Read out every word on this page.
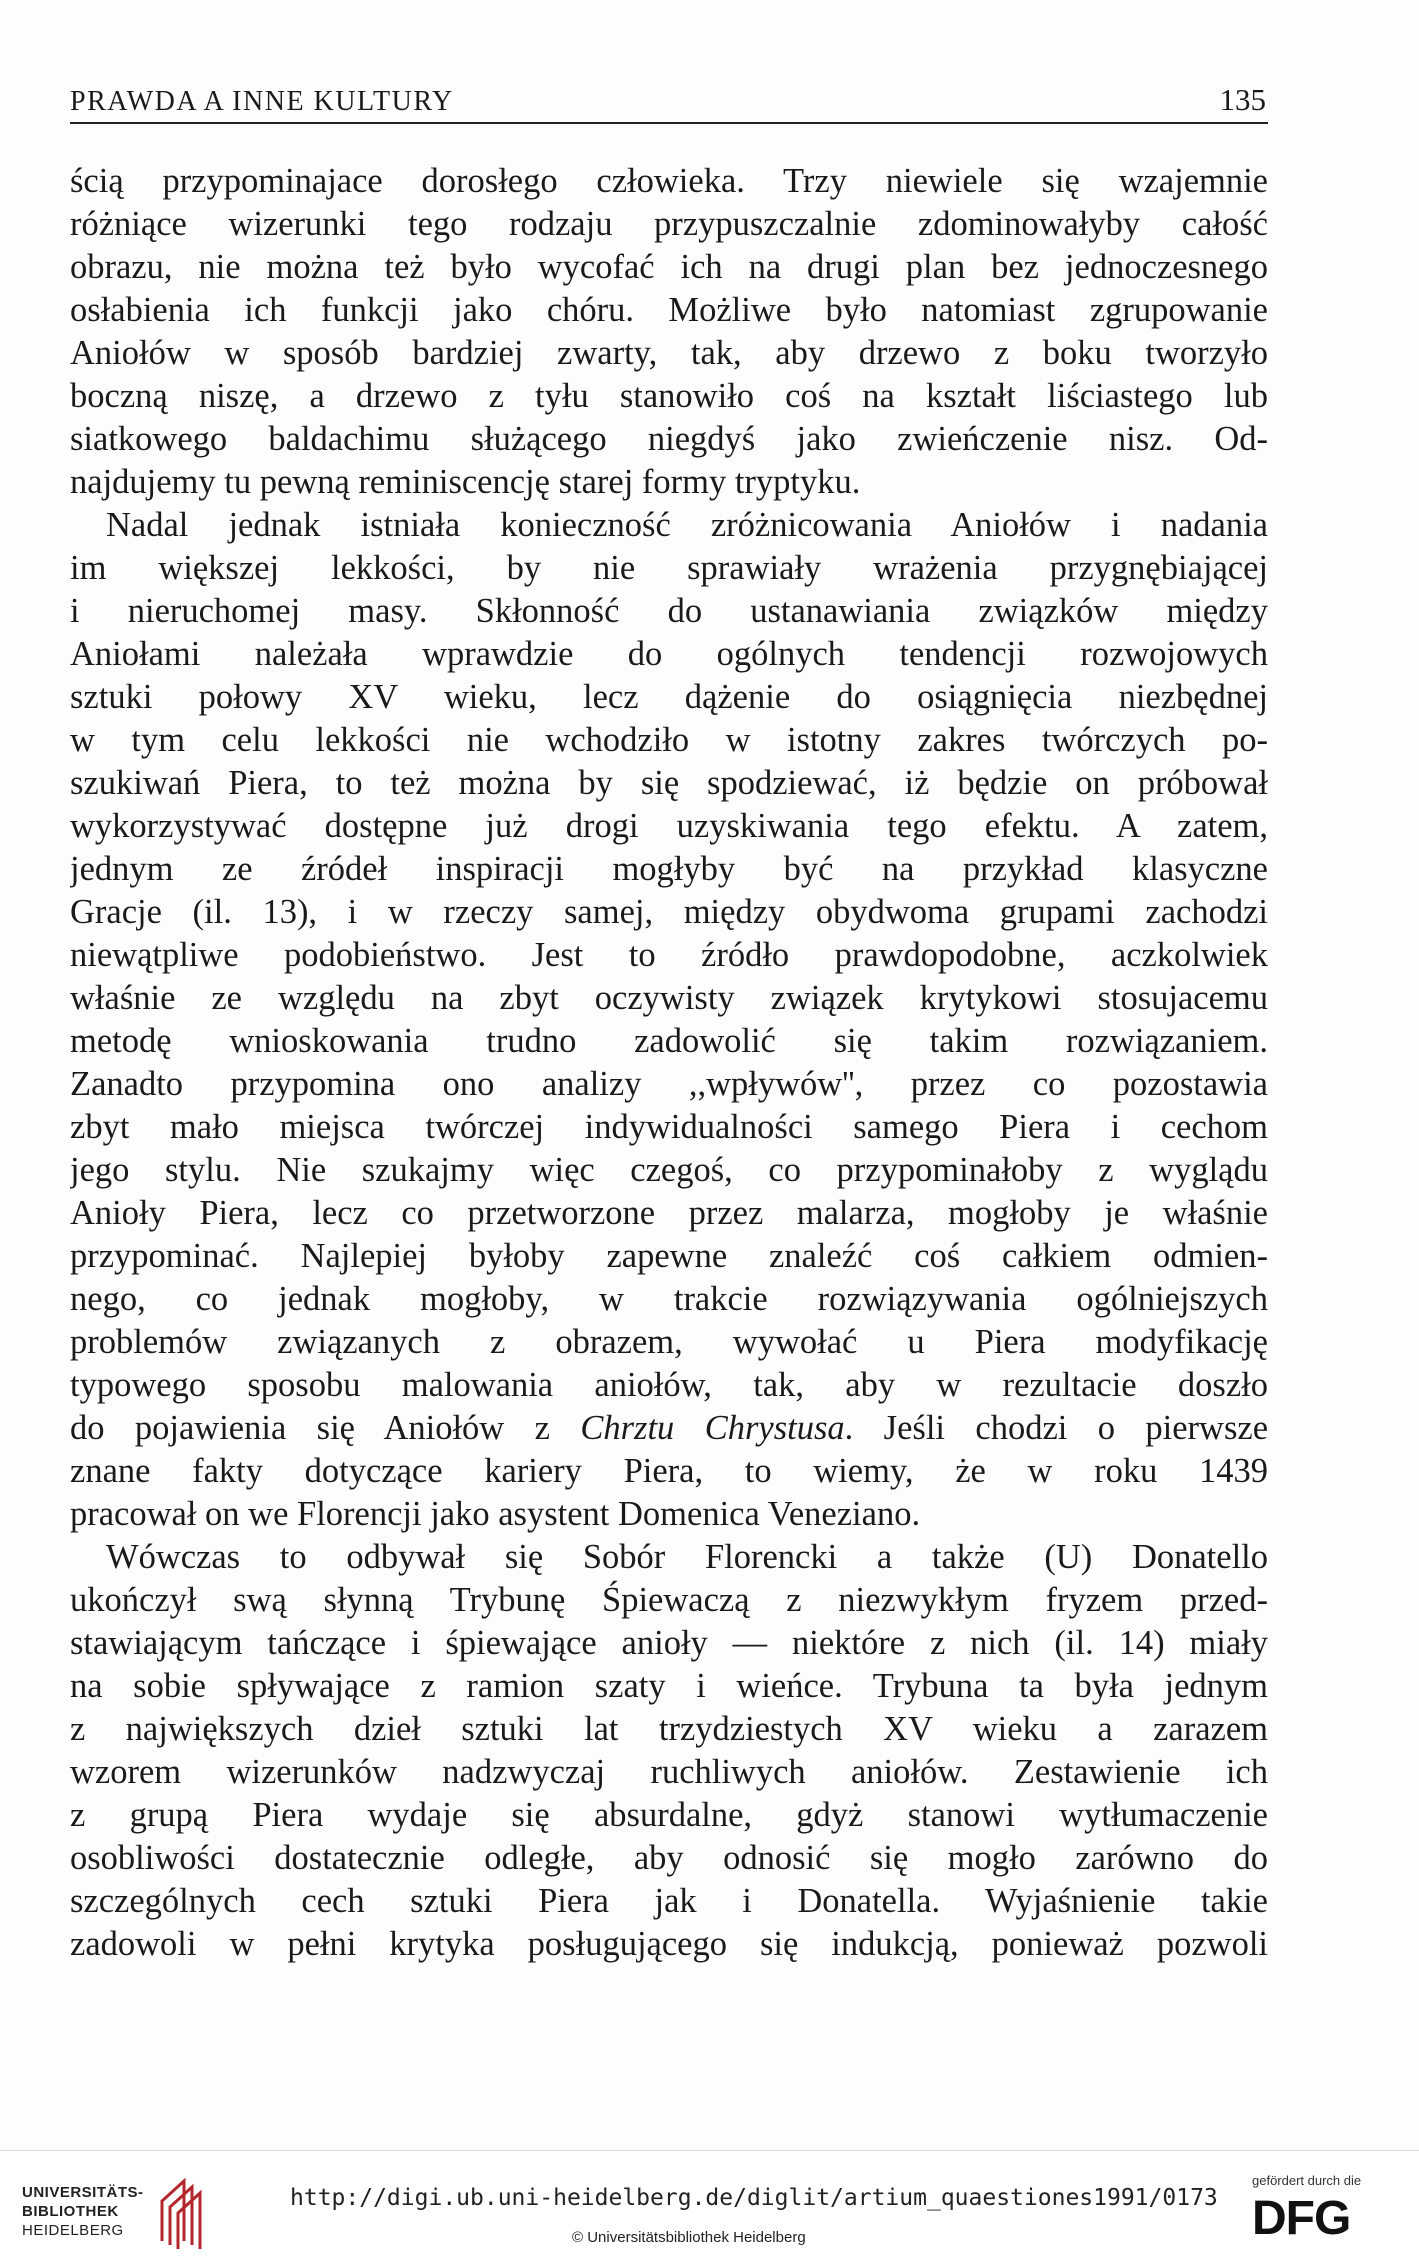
PRAWDA A INNE KULTURY	135
ścią przypominajace dorosłego człowieka. Trzy niewiele się wzajemnie
różniące wizerunki tego rodzaju przypuszczalnie zdominowałyby całość
obrazu, nie można też było wycofać ich na drugi plan bez jednoczesnego
osłabienia ich funkcji jako chóru. Możliwe było natomiast zgrupowanie
Aniołów w sposób bardziej zwarty, tak, aby drzewo z boku tworzyło
boczną niszę, a drzewo z tyłu stanowiło coś na kształt liściastego lub
siatkowego baldachimu służącego niegdyś jako zwieńczenie nisz. Od-
najdujemy tu pewną reminiscencję starej formy tryptyku.
Nadal jednak istniała konieczność zróżnicowania Aniołów i nadania
im większej lekkości, by nie sprawiały wrażenia przygnębiającej
i nieruchomej masy. Skłonność do ustanawiania związków między
Aniołami należała wprawdzie do ogólnych tendencji rozwojowych
sztuki połowy XV wieku, lecz dążenie do osiągnięcia niezbędnej
w tym celu lekkości nie wchodziło w istotny zakres twórczych po-
szukiwań Piera, to też można by się spodziewać, iż będzie on próbował
wykorzystywać dostępne już drogi uzyskiwania tego efektu. A zatem,
jednym ze źródeł inspiracji mogłyby być na przykład klasyczne
Gracje (il. 13), i w rzeczy samej, między obydwoma grupami zachodzi
niewątpliwe podobieństwo. Jest to źródło prawdopodobne, aczkolwiek
właśnie ze względu na zbyt oczywisty związek krytykowi stosujacemu
metodę wnioskowania trudno zadowolić się takim rozwiązaniem.
Zanadto przypomina ono analizy ,,wpływów'', przez co pozostawia
zbyt mało miejsca twórczej indywidualności samego Piera i cechom
jego stylu. Nie szukajmy więc czegoś, co przypominałoby z wyglądu
Anioły Piera, lecz co przetworzone przez malarza, mogłoby je właśnie
przypominać. Najlepiej byłoby zapewne znaleźć coś całkiem odmien-
nego, co jednak mogłoby, w trakcie rozwiązywania ogólniejszych
problemów związanych z obrazem, wywołać u Piera modyfikację
typowego sposobu malowania aniołów, tak, aby w rezultacie doszło
do pojawienia się Aniołów z Chrztu Chrystusa. Jeśli chodzi o pierwsze
znane fakty dotyczące kariery Piera, to wiemy, że w roku 1439
pracował on we Florencji jako asystent Domenica Veneziano.
Wówczas to odbywał się Sobór Florencki a także (U) Donatello
ukończył swą słynną Trybunę Śpiewaczą z niezwykłym fryzem przed-
stawiającym tańczące i śpiewające anioły — niektóre z nich (il. 14) miały
na sobie spływające z ramion szaty i wieńce. Trybuna ta była jednym
z największych dzieł sztuki lat trzydziestych XV wieku a zarazem
wzorem wizerunków nadzwyczaj ruchliwych aniołów. Zestawienie ich
z grupą Piera wydaje się absurdalne, gdyż stanowi wytłumaczenie
osobliwości dostatecznie odległe, aby odnosić się mogło zarówno do
szczególnych cech sztuki Piera jak i Donatella. Wyjaśnienie takie
zadowoli w pełni krytyka posługującego się indukcją, ponieważ pozwoli
UNIVERSITÄTS-
BIBLIOTHEK
HEIDELBERG
http://digi.ub.uni-heidelberg.de/diglit/artium_quaestiones1991/0173
© Universitätsbibliothek Heidelberg
gefördert durch die
DFG
